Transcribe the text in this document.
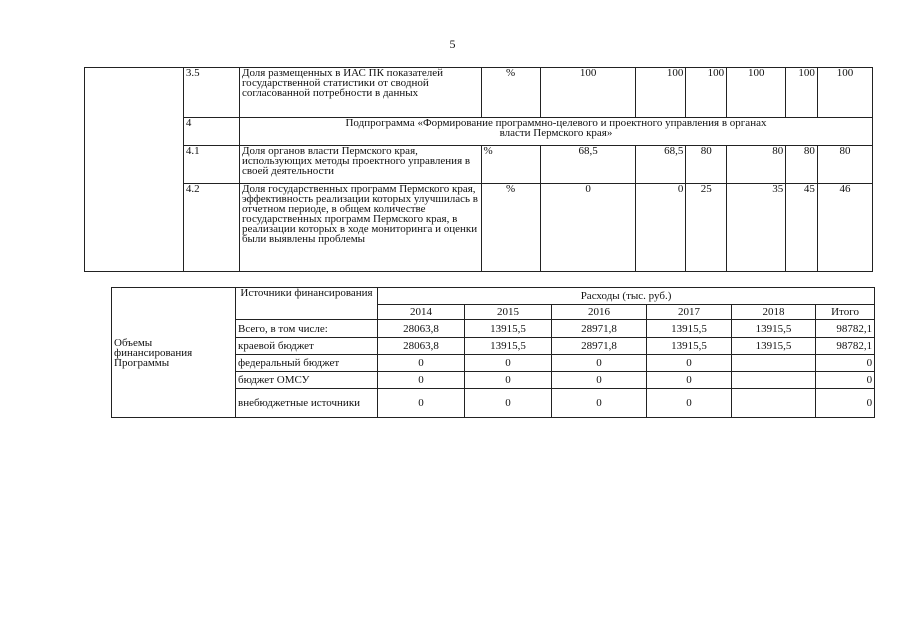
5
	3.5	Доля размещенных в ИАС ПК показателей государственной статистики от сводной согласованной потребности в данных	%	100	100	100	100	100	100
	4	Подпрограмма «Формирование программно-целевого и проектного управления в органах власти Пермского края»							
	4.1	Доля органов власти Пермского края, использующих методы проектного управления в своей деятельности	%	68,5	68,5	80	80	80	80
	4.2	Доля государственных программ Пермского края, эффективность реализации которых улучшилась в отчетном периоде, в общем количестве государственных программ Пермского края, в реализации которых в ходе мониторинга и оценки были выявлены проблемы	%	0	0	25	35	45	46
Объемы финансирования Программы	Источники финансирования	Расходы (тыс. руб.)					
		2014	2015	2016	2017	2018	Итого
	Всего, в том числе:	28063,8	13915,5	28971,8	13915,5	13915,5	98782,1
	краевой бюджет	28063,8	13915,5	28971,8	13915,5	13915,5	98782,1
	федеральный бюджет	0	0	0	0		0
	бюджет ОМСУ	0	0	0	0		0
	внебюджетные источники	0	0	0	0		0
